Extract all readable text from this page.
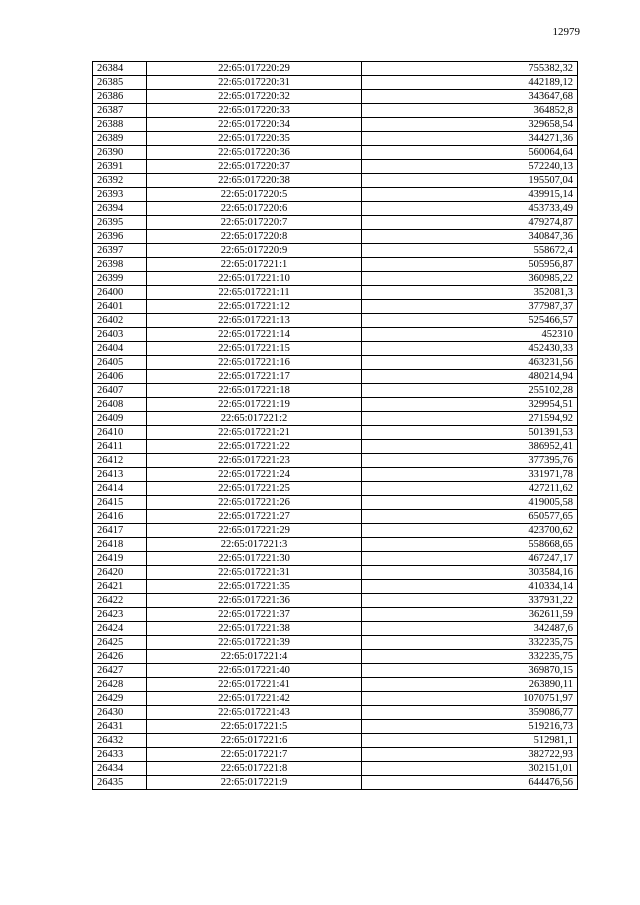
12979
26384	22:65:017220:29	755382,32
26385	22:65:017220:31	442189,12
26386	22:65:017220:32	343647,68
26387	22:65:017220:33	364852,8
26388	22:65:017220:34	329658,54
26389	22:65:017220:35	344271,36
26390	22:65:017220:36	560064,64
26391	22:65:017220:37	572240,13
26392	22:65:017220:38	195507,04
26393	22:65:017220:5	439915,14
26394	22:65:017220:6	453733,49
26395	22:65:017220:7	479274,87
26396	22:65:017220:8	340847,36
26397	22:65:017220:9	558672,4
26398	22:65:017221:1	505956,87
26399	22:65:017221:10	360985,22
26400	22:65:017221:11	352081,3
26401	22:65:017221:12	377987,37
26402	22:65:017221:13	525466,57
26403	22:65:017221:14	452310
26404	22:65:017221:15	452430,33
26405	22:65:017221:16	463231,56
26406	22:65:017221:17	480214,94
26407	22:65:017221:18	255102,28
26408	22:65:017221:19	329954,51
26409	22:65:017221:2	271594,92
26410	22:65:017221:21	501391,53
26411	22:65:017221:22	386952,41
26412	22:65:017221:23	377395,76
26413	22:65:017221:24	331971,78
26414	22:65:017221:25	427211,62
26415	22:65:017221:26	419005,58
26416	22:65:017221:27	650577,65
26417	22:65:017221:29	423700,62
26418	22:65:017221:3	558668,65
26419	22:65:017221:30	467247,17
26420	22:65:017221:31	303584,16
26421	22:65:017221:35	410334,14
26422	22:65:017221:36	337931,22
26423	22:65:017221:37	362611,59
26424	22:65:017221:38	342487,6
26425	22:65:017221:39	332235,75
26426	22:65:017221:4	332235,75
26427	22:65:017221:40	369870,15
26428	22:65:017221:41	263890,11
26429	22:65:017221:42	1070751,97
26430	22:65:017221:43	359086,77
26431	22:65:017221:5	519216,73
26432	22:65:017221:6	512981,1
26433	22:65:017221:7	382722,93
26434	22:65:017221:8	302151,01
26435	22:65:017221:9	644476,56
